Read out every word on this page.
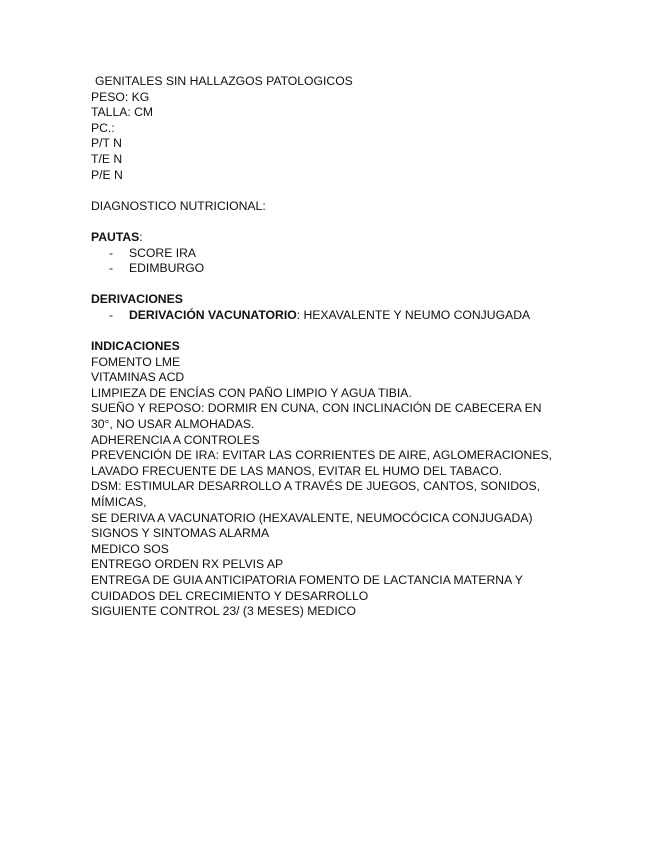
GENITALES SIN HALLAZGOS PATOLOGICOS
PESO: KG
TALLA: CM
PC.:
P/T N
T/E N
P/E N
DIAGNOSTICO NUTRICIONAL:
PAUTAS:
- SCORE IRA
- EDIMBURGO
DERIVACIONES
- DERIVACIÓN VACUNATORIO: HEXAVALENTE Y NEUMO CONJUGADA
INDICACIONES
FOMENTO LME
VITAMINAS ACD
LIMPIEZA DE ENCÍAS CON PAÑO LIMPIO Y AGUA TIBIA.
SUEÑO Y REPOSO: DORMIR EN CUNA, CON INCLINACIÓN DE CABECERA EN 30°, NO USAR ALMOHADAS.
ADHERENCIA A CONTROLES
PREVENCIÓN DE IRA: EVITAR LAS CORRIENTES DE AIRE, AGLOMERACIONES, LAVADO FRECUENTE DE LAS MANOS, EVITAR EL HUMO DEL TABACO.
DSM: ESTIMULAR DESARROLLO A TRAVÉS DE JUEGOS, CANTOS, SONIDOS, MÍMICAS,
SE DERIVA A VACUNATORIO (HEXAVALENTE, NEUMOCÓCICA CONJUGADA)
SIGNOS Y SINTOMAS ALARMA
MEDICO SOS
ENTREGO ORDEN RX PELVIS AP
ENTREGA DE GUIA ANTICIPATORIA FOMENTO DE LACTANCIA MATERNA Y CUIDADOS DEL CRECIMIENTO Y DESARROLLO
SIGUIENTE CONTROL 23/ (3 MESES) MEDICO
